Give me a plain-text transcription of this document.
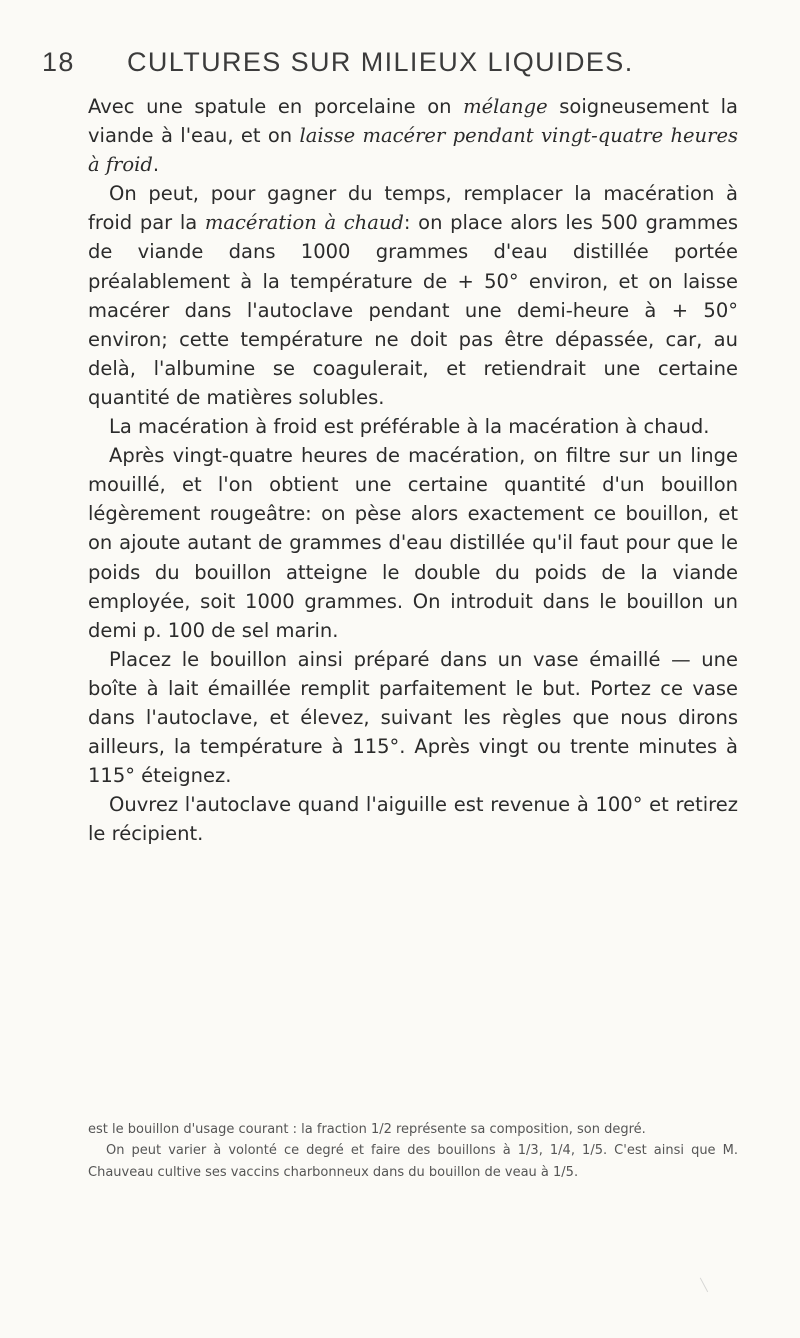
18 CULTURES SUR MILIEUX LIQUIDES.

Avec une spatule en porcelaine on mélange soigneusement la viande à l'eau, et on laisse macérer pendant vingt-quatre heures à froid.

On peut, pour gagner du temps, remplacer la macération à froid par la macération à chaud: on place alors les 500 grammes de viande dans 1000 grammes d'eau distillée portée préalablement à la température de + 50° environ, et on laisse macérer dans l'autoclave pendant une demi-heure à + 50° environ; cette température ne doit pas être dépassée, car, au delà, l'albumine se coagulerait, et retiendrait une certaine quantité de matières solubles.

La macération à froid est préférable à la macération à chaud.

Après vingt-quatre heures de macération, on filtre sur un linge mouillé, et l'on obtient une certaine quantité d'un bouillon légèrement rougeâtre: on pèse alors exactement ce bouillon, et on ajoute autant de grammes d'eau distillée qu'il faut pour que le poids du bouillon atteigne le double du poids de la viande employée, soit 1000 grammes. On introduit dans le bouillon un demi p. 100 de sel marin.

Placez le bouillon ainsi préparé dans un vase émaillé — une boîte à lait émaillée remplit parfaitement le but. Portez ce vase dans l'autoclave, et élevez, suivant les règles que nous dirons ailleurs, la température à 115°. Après vingt ou trente minutes à 115° éteignez.

Ouvrez l'autoclave quand l'aiguille est revenue à 100° et retirez le récipient.

est le bouillon d'usage courant : la fraction 1/2 représente sa composition, son degré.

On peut varier à volonté ce degré et faire des bouillons à 1/3, 1/4, 1/5. C'est ainsi que M. Chauveau cultive ses vaccins charbonneux dans du bouillon de veau à 1/5.
